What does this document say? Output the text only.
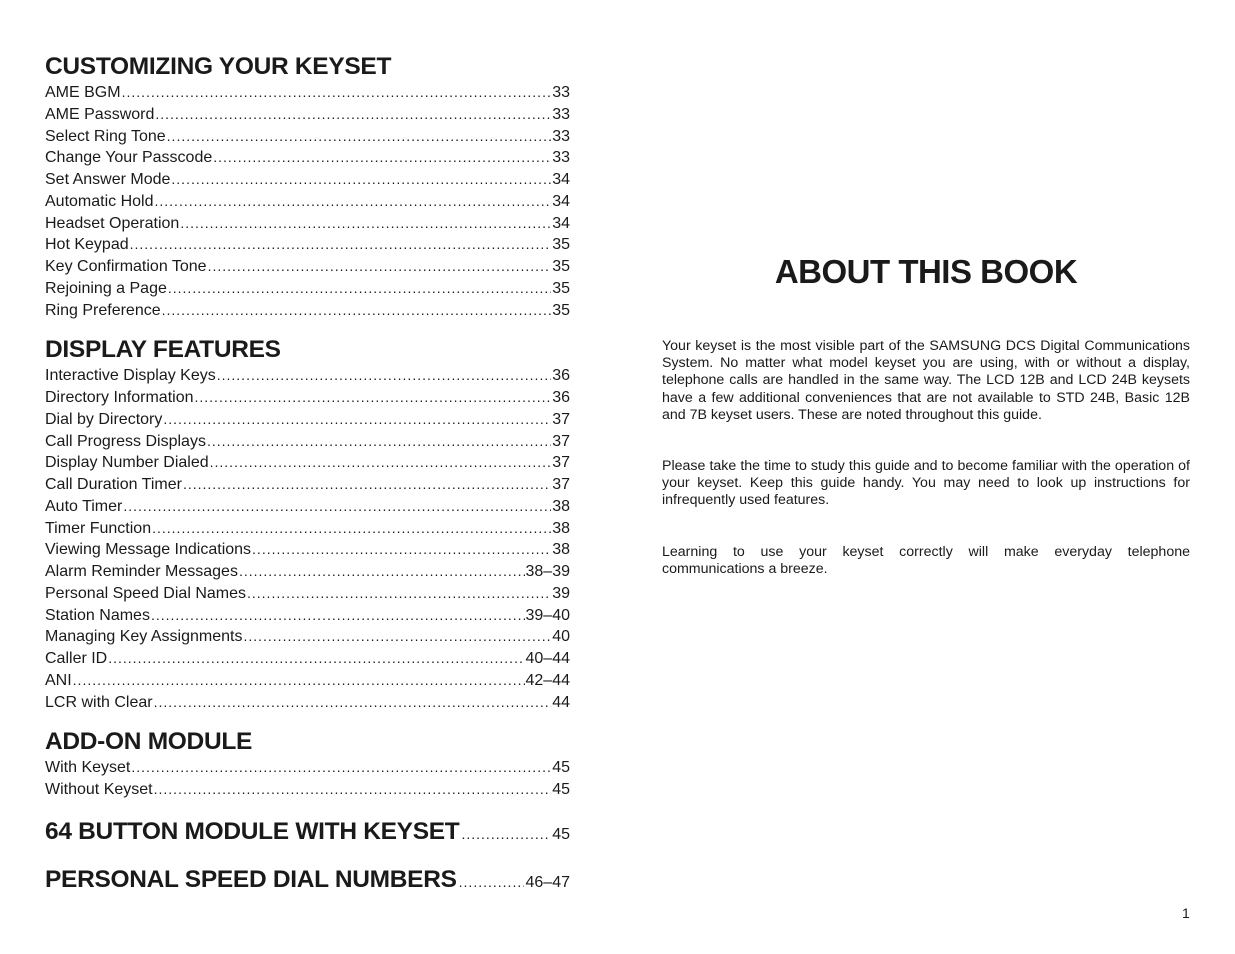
CUSTOMIZING YOUR KEYSET
AME BGM .....	33
AME Password .....	33
Select Ring Tone .....	33
Change Your Passcode .....	33
Set Answer Mode .....	34
Automatic Hold .....	34
Headset Operation .....	34
Hot Keypad .....	35
Key Confirmation Tone .....	35
Rejoining a Page .....	35
Ring Preference .....	35
DISPLAY FEATURES
Interactive Display Keys .....	36
Directory Information .....	36
Dial by Directory .....	37
Call Progress Displays .....	37
Display Number Dialed .....	37
Call Duration Timer .....	37
Auto Timer .....	38
Timer Function .....	38
Viewing Message Indications .....	38
Alarm Reminder Messages .....	38–39
Personal Speed Dial Names .....	39
Station Names .....	39–40
Managing Key Assignments .....	40
Caller ID .....	40–44
ANI .....	42–44
LCR with Clear .....	44
ADD-ON MODULE
With Keyset .....	45
Without Keyset .....	45
64 BUTTON MODULE WITH KEYSET .....	45
PERSONAL SPEED DIAL NUMBERS .....	46–47
ABOUT THIS BOOK

Your keyset is the most visible part of the SAMSUNG DCS Digital Communications System. No matter what model keyset you are using, with or without a display, telephone calls are handled in the same way. The LCD 12B and LCD 24B keysets have a few additional conveniences that are not available to STD 24B, Basic 12B and 7B keyset users. These are noted throughout this guide.

Please take the time to study this guide and to become familiar with the operation of your keyset. Keep this guide handy. You may need to look up instructions for infrequently used features.

Learning to use your keyset correctly will make everyday telephone communications a breeze.

1
